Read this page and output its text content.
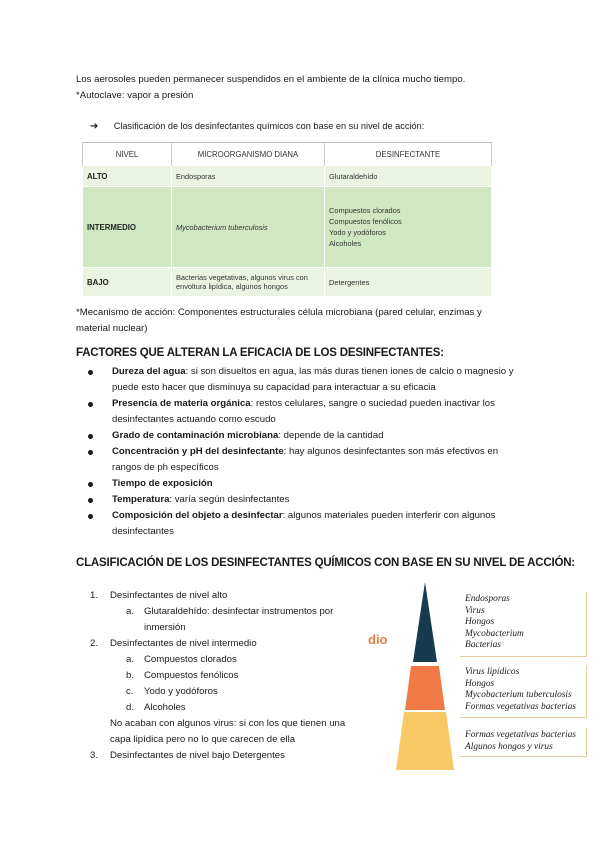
Los aerosoles pueden permanecer suspendidos en el ambiente de la clínica mucho tiempo.
*Autoclave: vapor a presión
➔ Clasificación de los desinfectantes químicos con base en su nivel de acción:
NIVEL	MICROORGANISMO DIANA	DESINFECTANTE
ALTO	Endosporas	Glutaraldehído

INTERMEDIO	Mycobacterium tuberculosis	Compuestos clorados
Compuestos fenólicos
Yodo y yodóforos
Alcoholes

BAJO	Bacterias vegetativas, algunos virus con
envoltura lipídica, algunos hongos	Detergentes
*Mecanismo de acción: Componentes estructurales célula microbiana (pared celular, enzimas y
material nuclear)
FACTORES QUE ALTERAN LA EFICACIA DE LOS DESINFECTANTES:
Dureza del agua: si son disueltos en agua, las más duras tienen iones de calcio o magnesio y puede esto hacer que disminuya su capacidad para interactuar a su eficacia
Presencia de materia orgánica: restos celulares, sangre o suciedad pueden inactivar los desinfectantes actuando como escudo
Grado de contaminación microbiana: depende de la cantidad
Concentración y pH del desinfectante: hay algunos desinfectantes son más efectivos en rangos de ph específicos
Tiempo de exposición
Temperatura: varía según desinfectantes
Composición del objeto a desinfectar: algunos materiales pueden interferir con algunos desinfectantes
CLASIFICACIÓN DE LOS DESINFECTANTES QUÍMICOS CON BASE EN SU NIVEL DE ACCIÓN:
1. Desinfectantes de nivel alto
a. Glutaraldehído: desinfectar instrumentos por
inmersión
2. Desinfectantes de nivel intermedio
a. Compuestos clorados
b. Compuestos fenólicos
c. Yodo y yodóforos
d. Alcoholes
No acaban con algunos virus: si con los que tienen una
capa lipídica pero no lo que carecen de ella
3. Desinfectantes de nivel bajo Detergentes
dio
Endosporas
Virus
Hongos
Mycobacterium
Bacterias
Virus lipídicos
Hongos
Mycobacterium tuberculosis
Formas vegetativas bacterias
Formas vegetativas bacterias
Algunos hongos y virus
